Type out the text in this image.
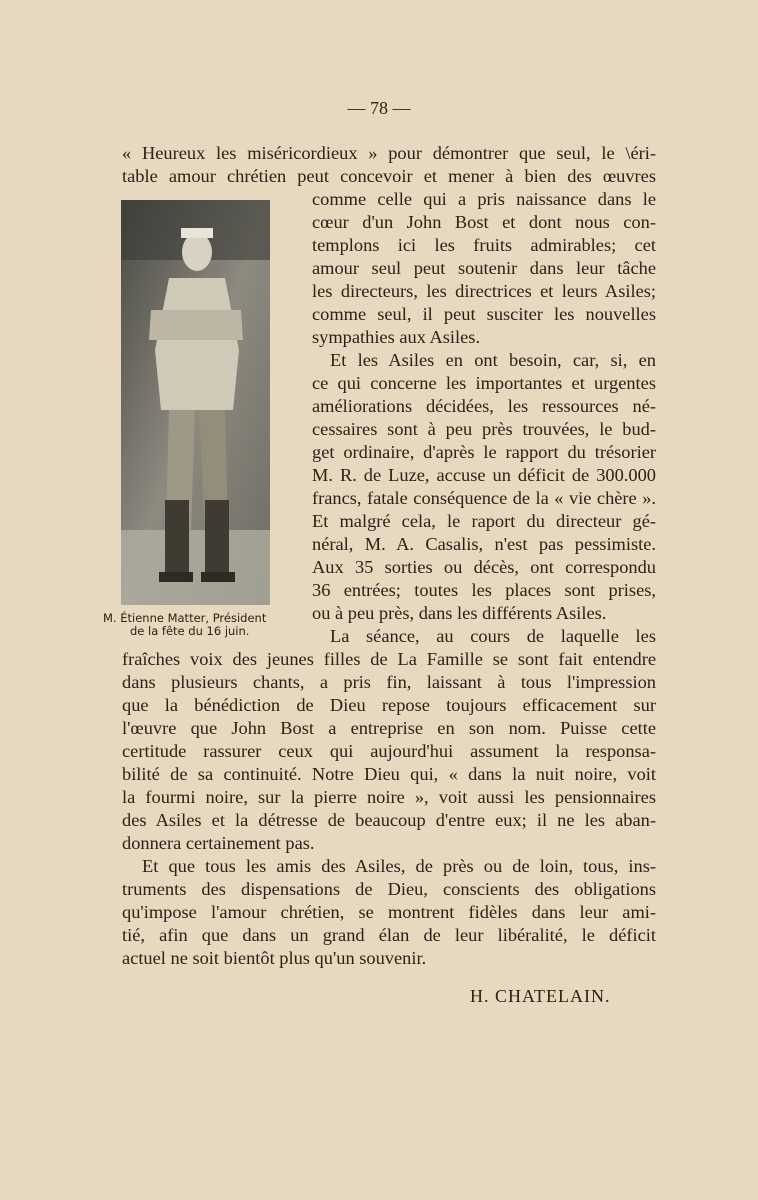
— 78 —
« Heureux les miséricordieux » pour démontrer que seul, le \éri-
table amour chrétien peut concevoir et mener à bien des œuvres
comme celle qui a pris naissance dans le
cœur d'un John Bost et dont nous con-
templons ici les fruits admirables; cet
amour seul peut soutenir dans leur tâche
les directeurs, les directrices et leurs Asiles;
comme seul, il peut susciter les nouvelles
sympathies aux Asiles.
Et les Asiles en ont besoin, car, si, en
ce qui concerne les importantes et urgentes
améliorations décidées, les ressources né-
cessaires sont à peu près trouvées, le bud-
get ordinaire, d'après le rapport du trésorier
M. R. de Luze, accuse un déficit de 300.000
francs, fatale conséquence de la « vie chère ».
Et malgré cela, le raport du directeur gé-
néral, M. A. Casalis, n'est pas pessimiste.
Aux 35 sorties ou décès, ont correspondu
36 entrées; toutes les places sont prises,
ou à peu près, dans les différents Asiles.
La séance, au cours de laquelle les
M. Étienne Matter, Président
de la fête du 16 juin.
fraîches voix des jeunes filles de La Famille se sont fait entendre
dans plusieurs chants, a pris fin, laissant à tous l'impression
que la bénédiction de Dieu repose toujours efficacement sur
l'œuvre que John Bost a entreprise en son nom. Puisse cette
certitude rassurer ceux qui aujourd'hui assument la responsa-
bilité de sa continuité. Notre Dieu qui, « dans la nuit noire, voit
la fourmi noire, sur la pierre noire », voit aussi les pensionnaires
des Asiles et la détresse de beaucoup d'entre eux; il ne les aban-
donnera certainement pas.
Et que tous les amis des Asiles, de près ou de loin, tous, ins-
truments des dispensations de Dieu, conscients des obligations
qu'impose l'amour chrétien, se montrent fidèles dans leur ami-
tié, afin que dans un grand élan de leur libéralité, le déficit
actuel ne soit bientôt plus qu'un souvenir.
H. CHATELAIN.
